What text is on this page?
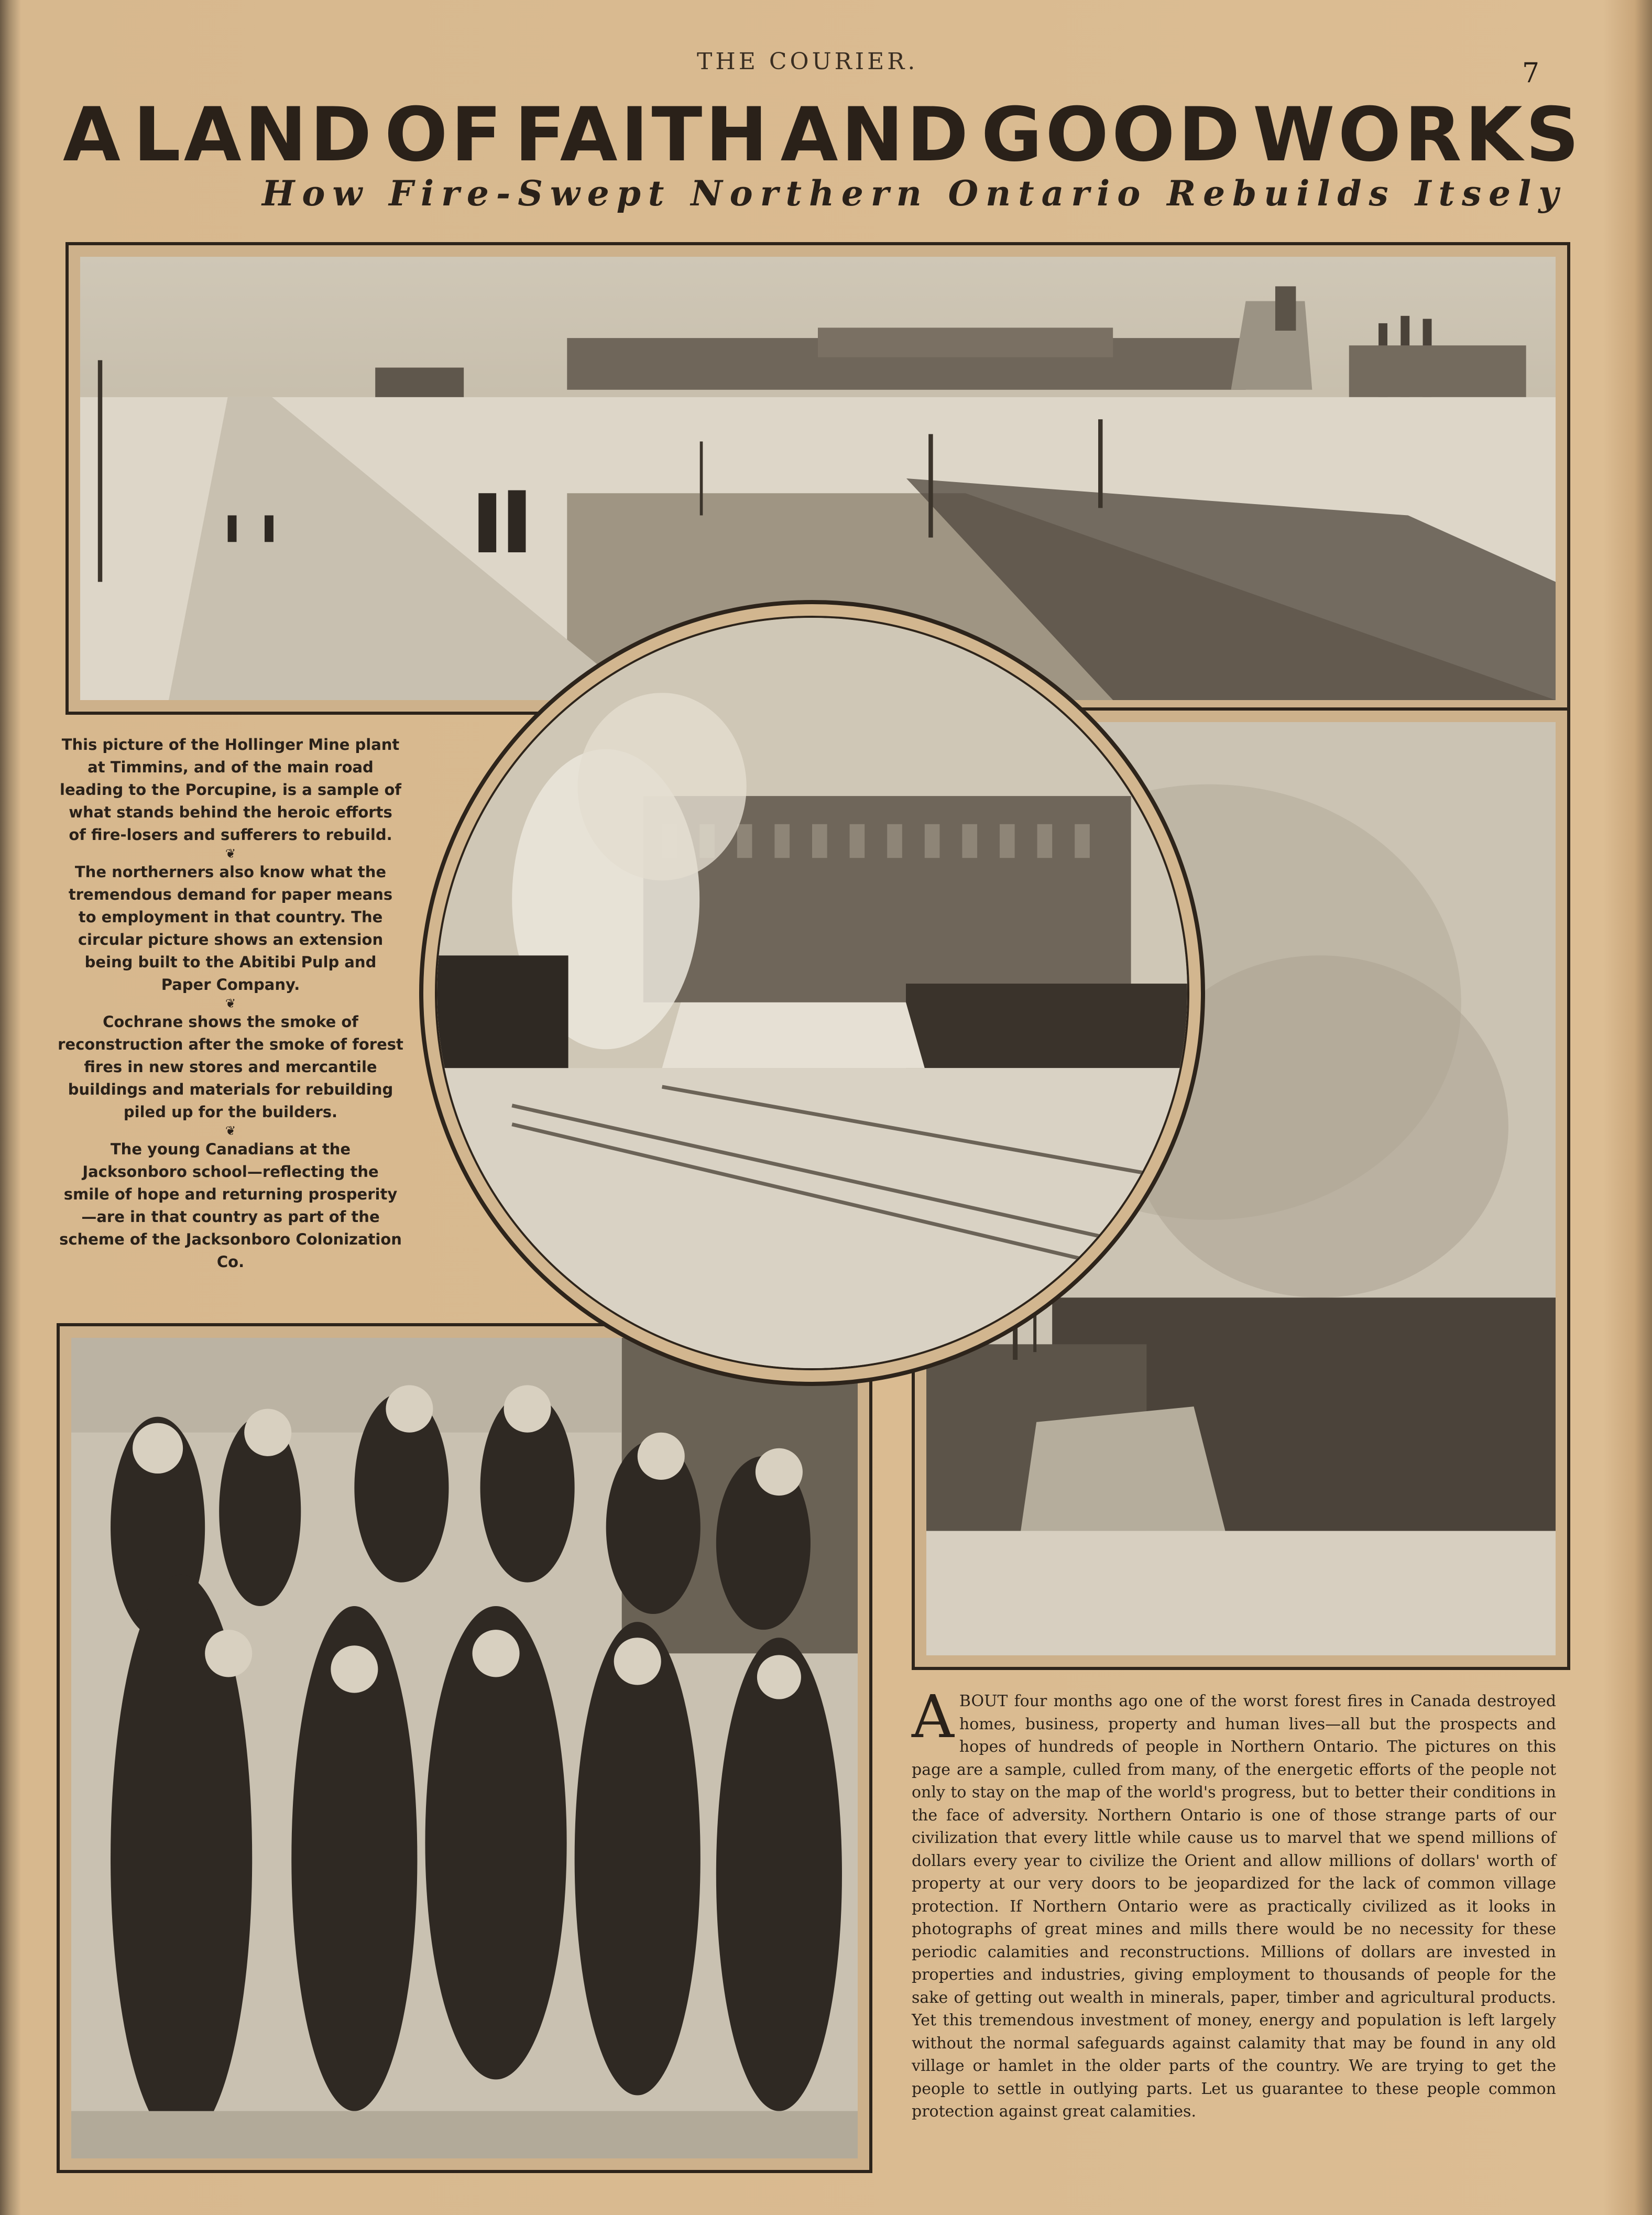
THE COURIER.	7
A LAND OF FAITH AND GOOD WORKS
How Fire-Swept Northern Ontario Rebuilds Itsely

This picture of the Hollinger Mine plant at Timmins, and of the main road leading to the Porcupine, is a sample of what stands behind the heroic efforts of fire-losers and sufferers to rebuild.

❦

The northerners also know what the tremendous demand for paper means to employment in that country. The circular picture shows an extension being built to the Abitibi Pulp and Paper Company.

❦

Cochrane shows the smoke of reconstruction after the smoke of forest fires in new stores and mercantile buildings and materials for rebuilding piled up for the builders.

❦

The young Canadians at the Jacksonboro school—reflecting the smile of hope and returning prosperity—are in that country as part of the scheme of the Jacksonboro Colonization Co.

ABOUT four months ago one of the worst forest fires in Canada destroyed homes, business, property and human lives—all but the prospects and hopes of hundreds of people in Northern Ontario. The pictures on this page are a sample, culled from many, of the energetic efforts of the people not only to stay on the map of the world's progress, but to better their conditions in the face of adversity. Northern Ontario is one of those strange parts of our civilization that every little while cause us to marvel that we spend millions of dollars every year to civilize the Orient and allow millions of dollars' worth of property at our very doors to be jeopardized for the lack of common village protection. If Northern Ontario were as practically civilized as it looks in photographs of great mines and mills there would be no necessity for these periodic calamities and reconstructions. Millions of dollars are invested in properties and industries, giving employment to thousands of people for the sake of getting out wealth in minerals, paper, timber and agricultural products. Yet this tremendous investment of money, energy and population is left largely without the normal safeguards against calamity that may be found in any old village or hamlet in the older parts of the country. We are trying to get the people to settle in outlying parts. Let us guarantee to these people common protection against great calamities.
